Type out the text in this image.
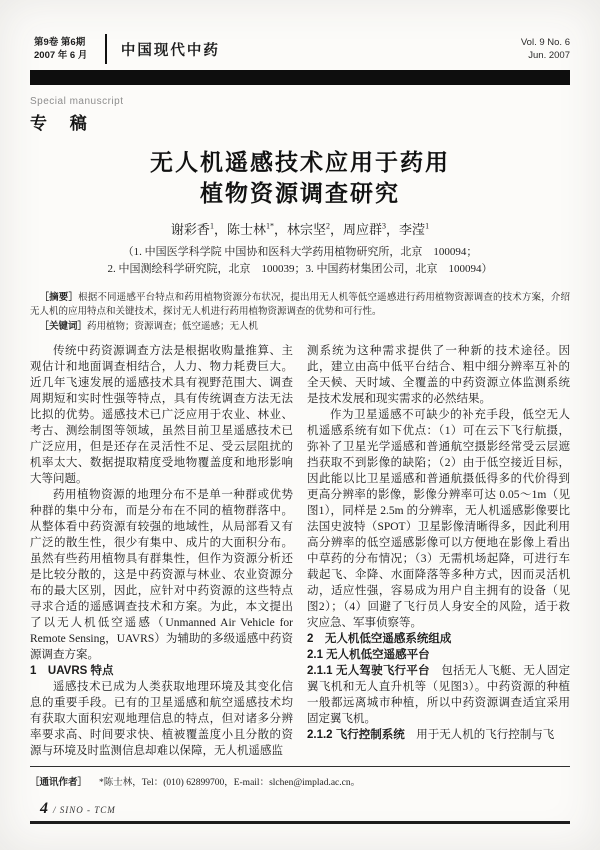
第9卷 第6期
2007 年 6 月 中国现代中药	Vol. 9 No. 6
Jun. 2007
Special manuscript
专 稿
无人机遥感技术应用于药用
植物资源调查研究
谢彩香$^1$，陈士林$^{1*}$，林宗坚$^2$，周应群$^3$，李滢$^1$
（1. 中国医学科学院 中国协和医科大学药用植物研究所，北京　100094；
2. 中国测绘科学研究院，北京　100039；3. 中国药材集团公司，北京　100094）
［摘要］根据不同遥感平台特点和药用植物资源分布状况，提出用无人机等低空遥感进行药用植物资源调查的技术方案，介绍无人机的应用特点和关键技术，探讨无人机进行药用植物资源调查的优势和可行性。
［关键词］药用植物；资源调查；低空遥感；无人机

传统中药资源调查方法是根据收购量推算、主观估计和地面调查相结合，人力、物力耗费巨大。近几年飞速发展的遥感技术具有视野范围大、调查周期短和实时性强等特点，具有传统调查方法无法比拟的优势。遥感技术已广泛应用于农业、林业、考古、测绘制图等领域，虽然目前卫星遥感技术已广泛应用，但是还存在灵活性不足、受云层阻扰的机率太大、数据提取精度受地物覆盖度和地形影响大等问题。

药用植物资源的地理分布不是单一种群或优势种群的集中分布，而是分布在不同的植物群落中。从整体看中药资源有较强的地域性，从局部看又有广泛的散生性，很少有集中、成片的大面积分布。虽然有些药用植物具有群集性，但作为资源分析还是比较分散的，这是中药资源与林业、农业资源分布的最大区别，因此，应针对中药资源的这些特点寻求合适的遥感调查技术和方案。为此，本文提出了以无人机低空遥感（Unmanned Air Vehicle for Remote Sensing，UAVRS）为辅助的多级遥感中药资源调查方案。

1　UAVRS 特点

遥感技术已成为人类获取地理环境及其变化信息的重要手段。已有的卫星遥感和航空遥感技术均有获取大面积宏观地理信息的特点，但对诸多分辨率要求高、时间要求快、植被覆盖度小且分散的资源与环境及时监测信息却难以保障，无人机遥感监

测系统为这种需求提供了一种新的技术途径。因此，建立由高中低平台结合、粗中细分辨率互补的全天候、天时域、全覆盖的中药资源立体监测系统是技术发展和现实需求的必然结果。

作为卫星遥感不可缺少的补充手段，低空无人机遥感系统有如下优点：（1）可在云下飞行航摄，弥补了卫星光学遥感和普通航空摄影经常受云层遮挡获取不到影像的缺陷；（2）由于低空接近目标，因此能以比卫星遥感和普通航摄低得多的代价得到更高分辨率的影像，影像分辨率可达 0.05～1m（见图1），同样是 2.5m 的分辨率，无人机遥感影像要比法国史波特（SPOT）卫星影像清晰得多，因此利用高分辨率的低空遥感影像可以方便地在影像上看出中草药的分布情况；（3）无需机场起降，可进行车载起飞、伞降、水面降落等多种方式，因而灵活机动，适应性强，容易成为用户自主拥有的设备（见图2）；（4）回避了飞行员人身安全的风险，适于救灾应急、军事侦察等。

2　无人机低空遥感系统组成
2.1 无人机低空遥感平台

2.1.1 无人驾驶飞行平台　包括无人飞艇、无人固定翼飞机和无人直升机等（见图3）。中药资源的种植一般都远离城市种植，所以中药资源调查适宜采用固定翼飞机。

2.1.2 飞行控制系统　用于无人机的飞行控制与飞

［通讯作者］ *陈士林，Tel：(010) 62899700，E-mail：slchen@implad.ac.cn。
4 / SINO - TCM
